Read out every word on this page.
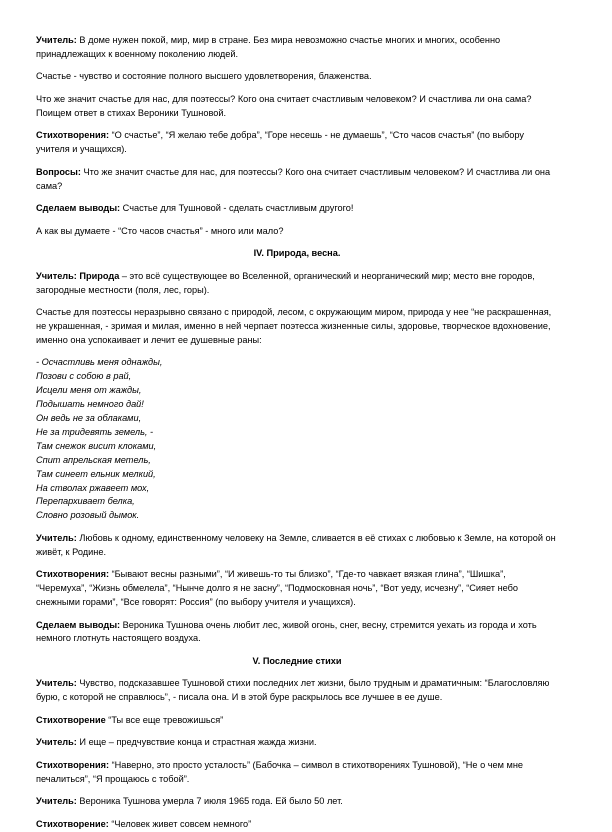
Учитель: В доме нужен покой, мир, мир в стране. Без мира невозможно счастье многих и многих, особенно принадлежащих к военному поколению людей.

Счастье - чувство и состояние полного высшего удовлетворения, блаженства.

Что же значит счастье для нас, для поэтессы? Кого она считает счастливым человеком? И счастлива ли она сама? Поищем ответ в стихах Вероники Тушновой.

Стихотворения: “О счастье”, “Я желаю тебе добра”, “Горе несешь - не думаешь”, “Сто часов счастья” (по выбору учителя и учащихся).

Вопросы: Что же значит счастье для нас, для поэтессы? Кого она считает счастливым человеком? И счастлива ли она сама?

Сделаем выводы: Счастье для Тушновой - сделать счастливым другого!

А как вы думаете - “Сто часов счастья” - много или мало?

IV. Природа, весна.

Учитель: Природа – это всё существующее во Вселенной, органический и неорганический мир; место вне городов, загородные местности (поля, лес, горы).

Счастье для поэтессы неразрывно связано с природой, лесом, с окружающим миром, природа у нее “не раскрашенная, не украшенная, - зримая и милая, именно в ней черпает поэтесса жизненные силы, здоровье, творческое вдохновение, именно она успокаивает и лечит ее душевные раны:

- Осчастливь меня однажды,
Позови с собою в рай,
Исцели меня от жажды,
Подышать немного дай!
Он ведь не за облаками,
Не за тридевять земель, -
Там снежок висит клоками,
Спит апрельская метель,
Там синеет ельник мелкий,
На стволах ржавеет мох,
Перепархивает белка,
Словно розовый дымок.

Учитель: Любовь к одному, единственному человеку на Земле, сливается в её стихах с любовью к Земле, на которой он живёт, к Родине.

Стихотворения: “Бывают весны разными”, “И живешь-то ты близко”, “Где-то чавкает вязкая глина”, “Шишка”, “Черемуха”, “Жизнь обмелела”, “Нынче долго я не засну”, “Подмосковная ночь”, “Вот уеду, исчезну”, “Сияет небо снежными горами”, “Все говорят: Россия” (по выбору учителя и учащихся).

Сделаем выводы: Вероника Тушнова очень любит лес, живой огонь, снег, весну, стремится уехать из города и хоть немного глотнуть настоящего воздуха.

V. Последние стихи

Учитель: Чувство, подсказавшее Тушновой стихи последних лет жизни, было трудным и драматичным: “Благословляю бурю, с которой не справлюсь”, - писала она. И в этой буре раскрылось все лучшее в ее душе.

Стихотворение “Ты все еще тревожишься”

Учитель: И еще – предчувствие конца и страстная жажда жизни.

Стихотворения: “Наверно, это просто усталость” (Бабочка – символ в стихотворениях Тушновой), “Не о чем мне печалиться”, “Я прощаюсь с тобой”.

Учитель: Вероника Тушнова умерла 7 июля 1965 года. Ей было 50 лет.

Стихотворение: “Человек живет совсем немного”
